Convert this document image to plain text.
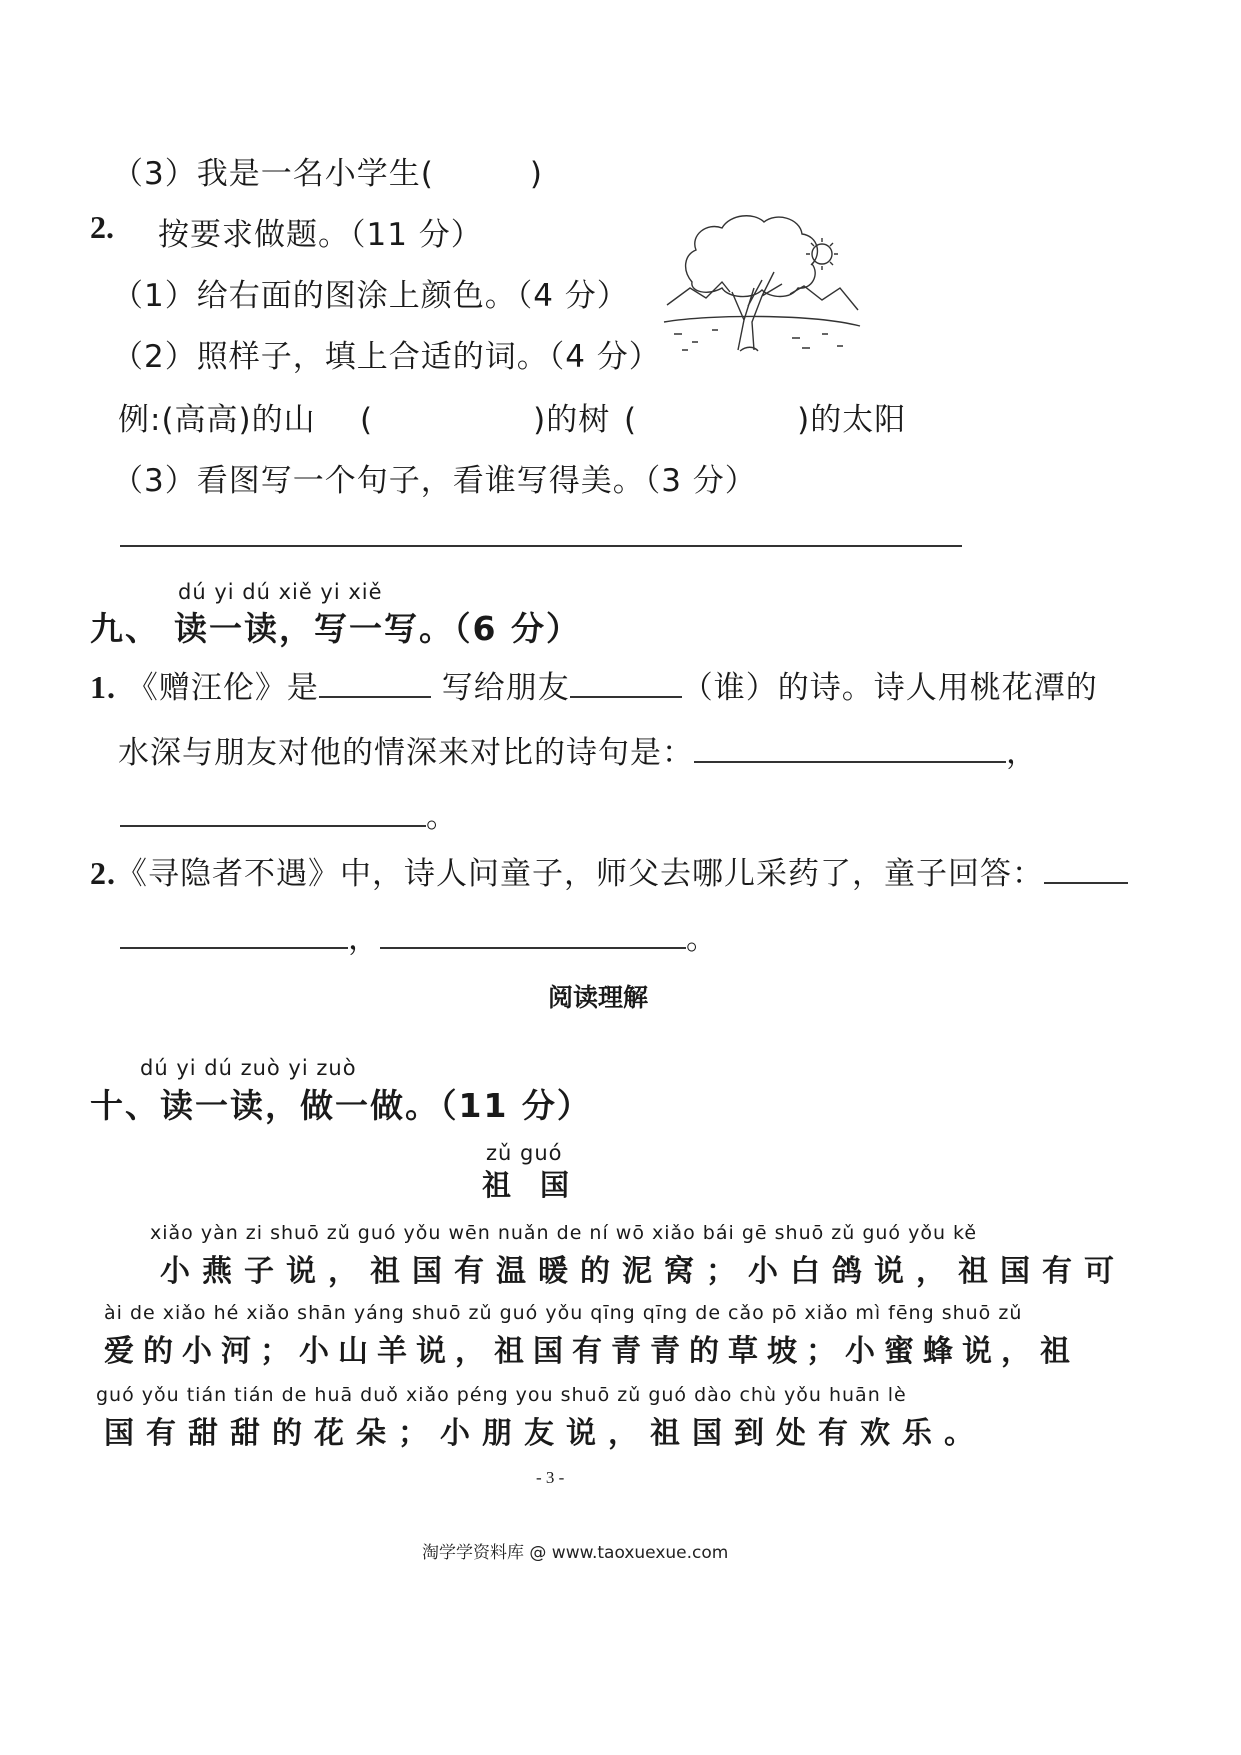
（3）我是一名小学生(　　　)
2. 按要求做题。（11 分）
（1）给右面的图涂上颜色。（4 分）
（2）照样子，填上合适的词。（4 分）
例:(高高)的山 (　　　　　)的树 (　　　　　)的太阳
（3）看图写一个句子，看谁写得美。（3 分）
dú yi dú xiě yi xiě
九、 读一读，写一写。（6 分）
1. 《赠汪伦》是	写给朋友	（谁）的诗。诗人用桃花潭的
水深与朋友对他的情深来对比的诗句是：	，
。
2.《寻隐者不遇》中，诗人问童子，师父去哪儿采药了，童子回答：
，	。
阅读理解
dú yi dú zuò yi zuò
十、读一读，做一做。（11 分）
zǔ guó
祖　国
xiǎo yàn zi shuō zǔ guó yǒu wēn nuǎn de ní wō xiǎo bái gē shuō zǔ guó yǒu kě
小燕子说，祖国有温暖的泥窝；小白鸽说，祖国有可
ài de xiǎo hé xiǎo shān yáng shuō zǔ guó yǒu qīng qīng de cǎo pō xiǎo mì fēng shuō zǔ
爱的小河；小山羊说，祖国有青青的草坡；小蜜蜂说，祖
guó yǒu tián tián de huā duǒ xiǎo péng you shuō zǔ guó dào chù yǒu huān lè
国有甜甜的花朵；小朋友说，祖国到处有欢乐。
- 3 -
淘学学资料库 @ www.taoxuexue.com
